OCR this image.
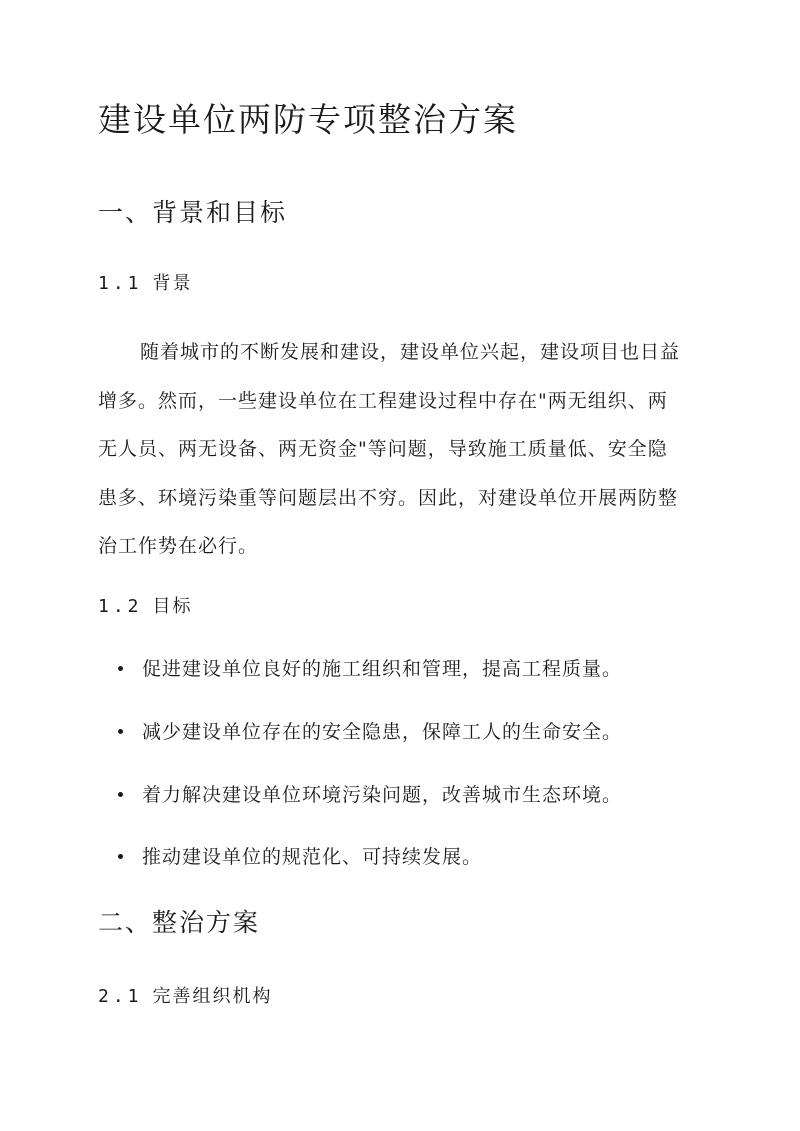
建设单位两防专项整治方案
一、背景和目标
1.1 背景
随着城市的不断发展和建设，建设单位兴起，建设项目也日益
增多。然而，一些建设单位在工程建设过程中存在"两无组织、两
无人员、两无设备、两无资金"等问题，导致施工质量低、安全隐
患多、环境污染重等问题层出不穷。因此，对建设单位开展两防整
治工作势在必行。
1.2 目标
促进建设单位良好的施工组织和管理，提高工程质量。
减少建设单位存在的安全隐患，保障工人的生命安全。
着力解决建设单位环境污染问题，改善城市生态环境。
推动建设单位的规范化、可持续发展。
二、整治方案
2.1 完善组织机构
